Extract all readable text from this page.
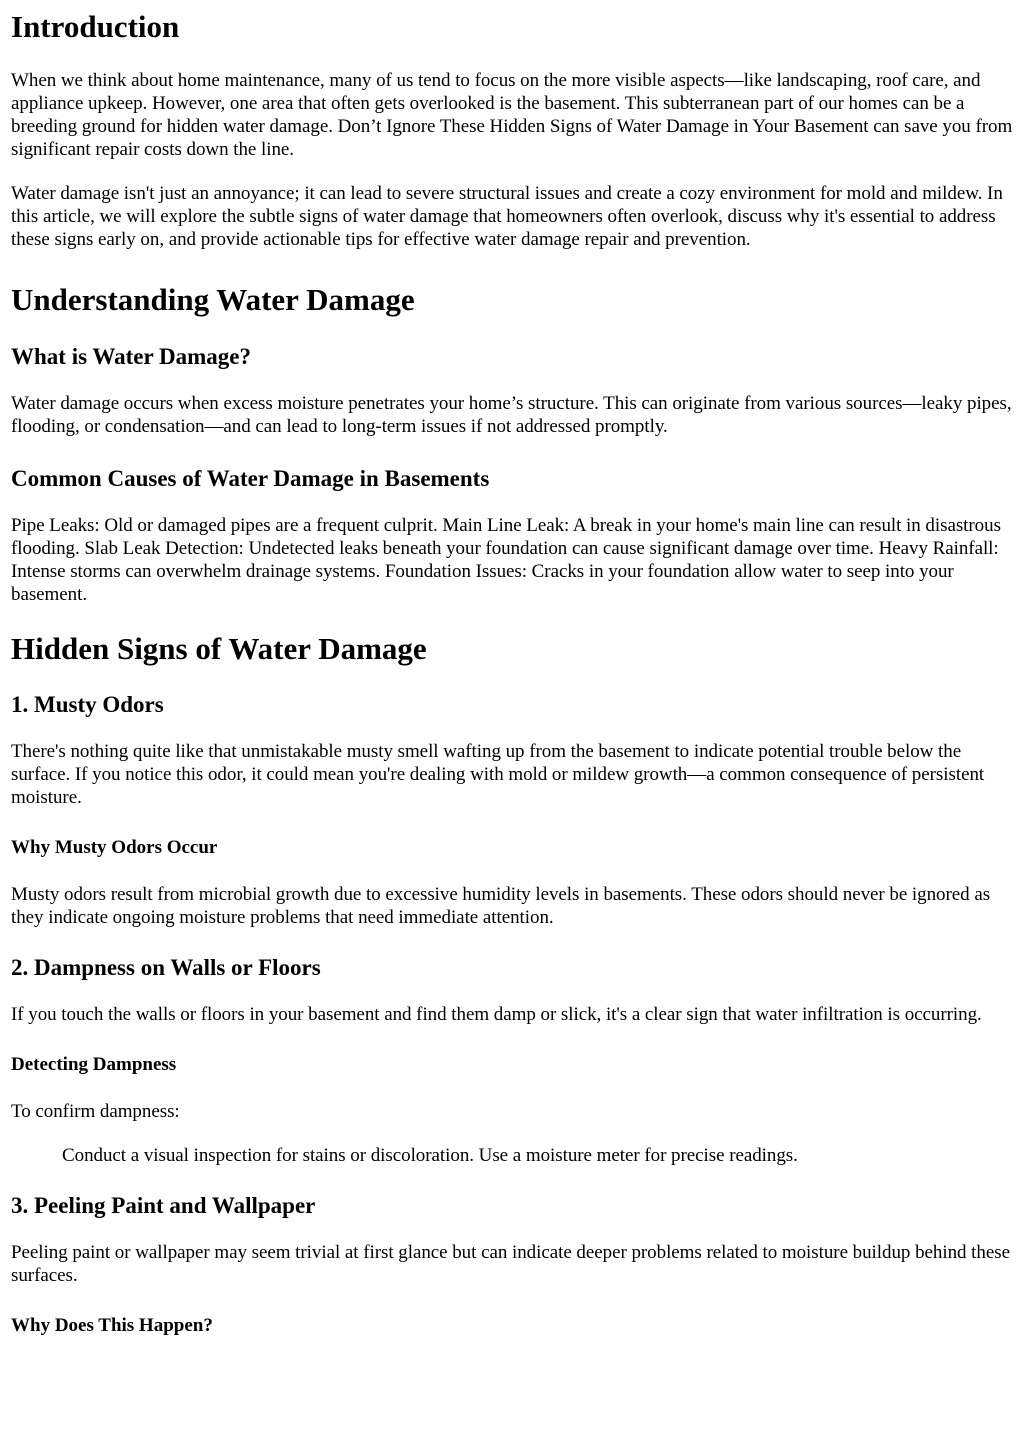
Introduction

When we think about home maintenance, many of us tend to focus on the more visible aspects—like landscaping, roof care, and appliance upkeep. However, one area that often gets overlooked is the basement. This subterranean part of our homes can be a breeding ground for hidden water damage. Don’t Ignore These Hidden Signs of Water Damage in Your Basement can save you from significant repair costs down the line.

Water damage isn't just an annoyance; it can lead to severe structural issues and create a cozy environment for mold and mildew. In this article, we will explore the subtle signs of water damage that homeowners often overlook, discuss why it's essential to address these signs early on, and provide actionable tips for effective water damage repair and prevention.

Understanding Water Damage
What is Water Damage?

Water damage occurs when excess moisture penetrates your home’s structure. This can originate from various sources—leaky pipes, flooding, or condensation—and can lead to long-term issues if not addressed promptly.

Common Causes of Water Damage in Basements

Pipe Leaks: Old or damaged pipes are a frequent culprit. Main Line Leak: A break in your home's main line can result in disastrous flooding. Slab Leak Detection: Undetected leaks beneath your foundation can cause significant damage over time. Heavy Rainfall: Intense storms can overwhelm drainage systems. Foundation Issues: Cracks in your foundation allow water to seep into your basement.

Hidden Signs of Water Damage
1. Musty Odors

There's nothing quite like that unmistakable musty smell wafting up from the basement to indicate potential trouble below the surface. If you notice this odor, it could mean you're dealing with mold or mildew growth—a common consequence of persistent moisture.

Why Musty Odors Occur

Musty odors result from microbial growth due to excessive humidity levels in basements. These odors should never be ignored as they indicate ongoing moisture problems that need immediate attention.

2. Dampness on Walls or Floors

If you touch the walls or floors in your basement and find them damp or slick, it's a clear sign that water infiltration is occurring.

Detecting Dampness

To confirm dampness:

Conduct a visual inspection for stains or discoloration. Use a moisture meter for precise readings.

3. Peeling Paint and Wallpaper

Peeling paint or wallpaper may seem trivial at first glance but can indicate deeper problems related to moisture buildup behind these surfaces.

Why Does This Happen?
